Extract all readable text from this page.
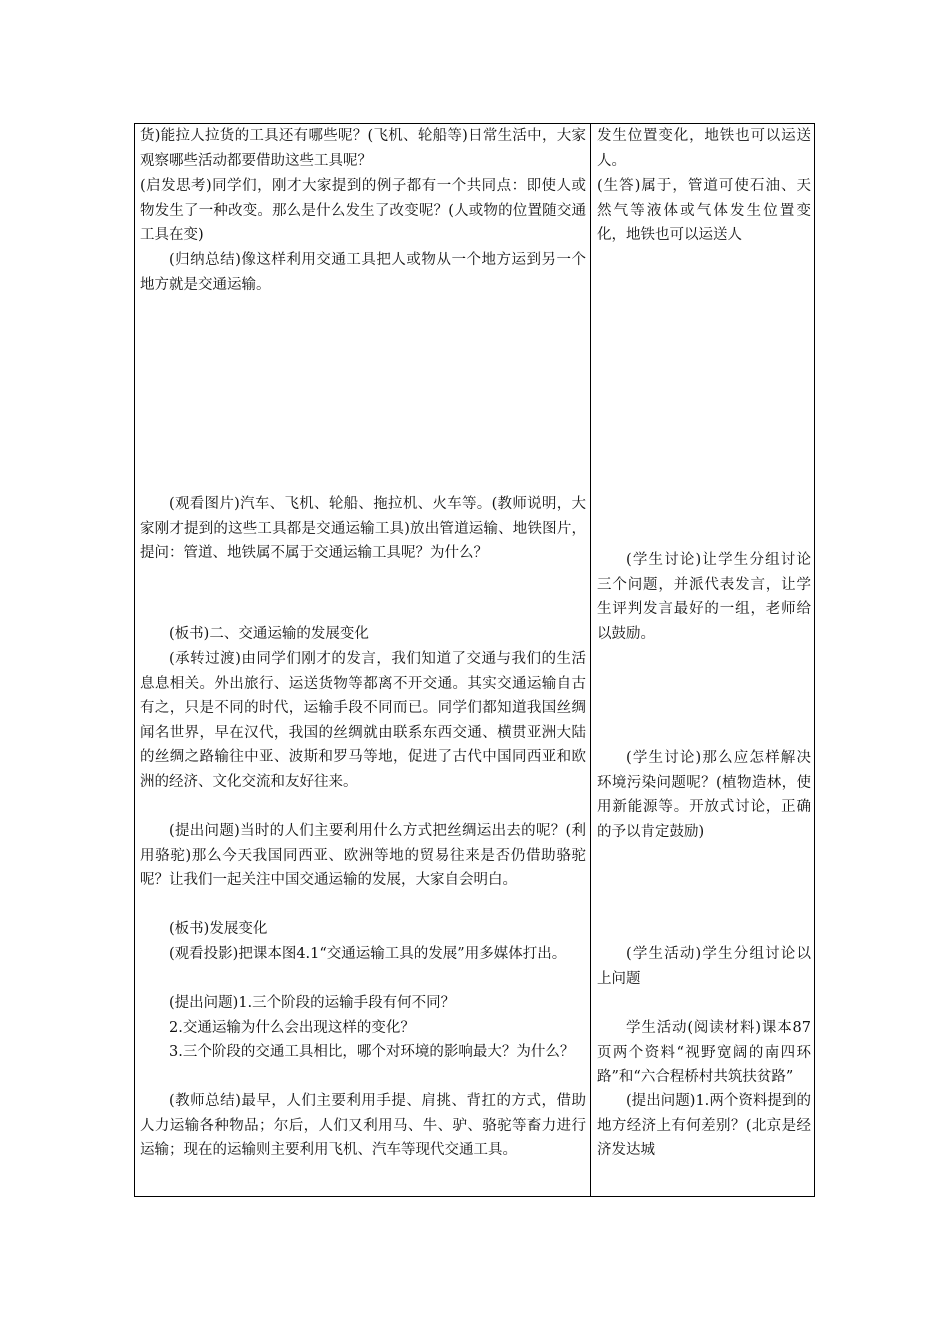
货)能拉人拉货的工具还有哪些呢？(飞机、轮船等)日常生活中，大家观察哪些活动都要借助这些工具呢？

(启发思考)同学们，刚才大家提到的例子都有一个共同点：即使人或物发生了一种改变。那么是什么发生了改变呢？(人或物的位置随交通工具在变)

(归纳总结)像这样利用交通工具把人或物从一个地方运到另一个地方就是交通运输。

(观看图片)汽车、飞机、轮船、拖拉机、火车等。(教师说明，大家刚才提到的这些工具都是交通运输工具)放出管道运输、地铁图片，提问：管道、地铁属不属于交通运输工具呢？为什么？

(板书)二、交通运输的发展变化

(承转过渡)由同学们刚才的发言，我们知道了交通与我们的生活息息相关。外出旅行、运送货物等都离不开交通。其实交通运输自古有之，只是不同的时代，运输手段不同而已。同学们都知道我国丝绸闻名世界，早在汉代，我国的丝绸就由联系东西交通、横贯亚洲大陆的丝绸之路输往中亚、波斯和罗马等地，促进了古代中国同西亚和欧洲的经济、文化交流和友好往来。

(提出问题)当时的人们主要利用什么方式把丝绸运出去的呢？(利用骆驼)那么今天我国同西亚、欧洲等地的贸易往来是否仍借助骆驼呢？让我们一起关注中国交通运输的发展，大家自会明白。

(板书)发展变化

(观看投影)把课本图4.1“交通运输工具的发展”用多媒体打出。

(提出问题)1.三个阶段的运输手段有何不同？

2.交通运输为什么会出现这样的变化？

3.三个阶段的交通工具相比，哪个对环境的影响最大？为什么？

(教师总结)最早，人们主要利用手提、肩挑、背扛的方式，借助人力运输各种物品；尔后，人们又利用马、牛、驴、骆驼等畜力进行运输；现在的运输则主要利用飞机、汽车等现代交通工具。

发生位置变化，地铁也可以运送人。

(生答)属于，管道可使石油、天然气等液体或气体发生位置变化，地铁也可以运送人

(学生讨论)让学生分组讨论三个问题，并派代表发言，让学生评判发言最好的一组，老师给以鼓励。

(学生讨论)那么应怎样解决环境污染问题呢？(植物造林，使用新能源等。开放式讨论，正确的予以肯定鼓励)

(学生活动)学生分组讨论以上问题

学生活动(阅读材料)课本87页两个资料“视野宽阔的南四环路”和“六合程桥村共筑扶贫路”

(提出问题)1.两个资料提到的地方经济上有何差别？(北京是经济发达城
